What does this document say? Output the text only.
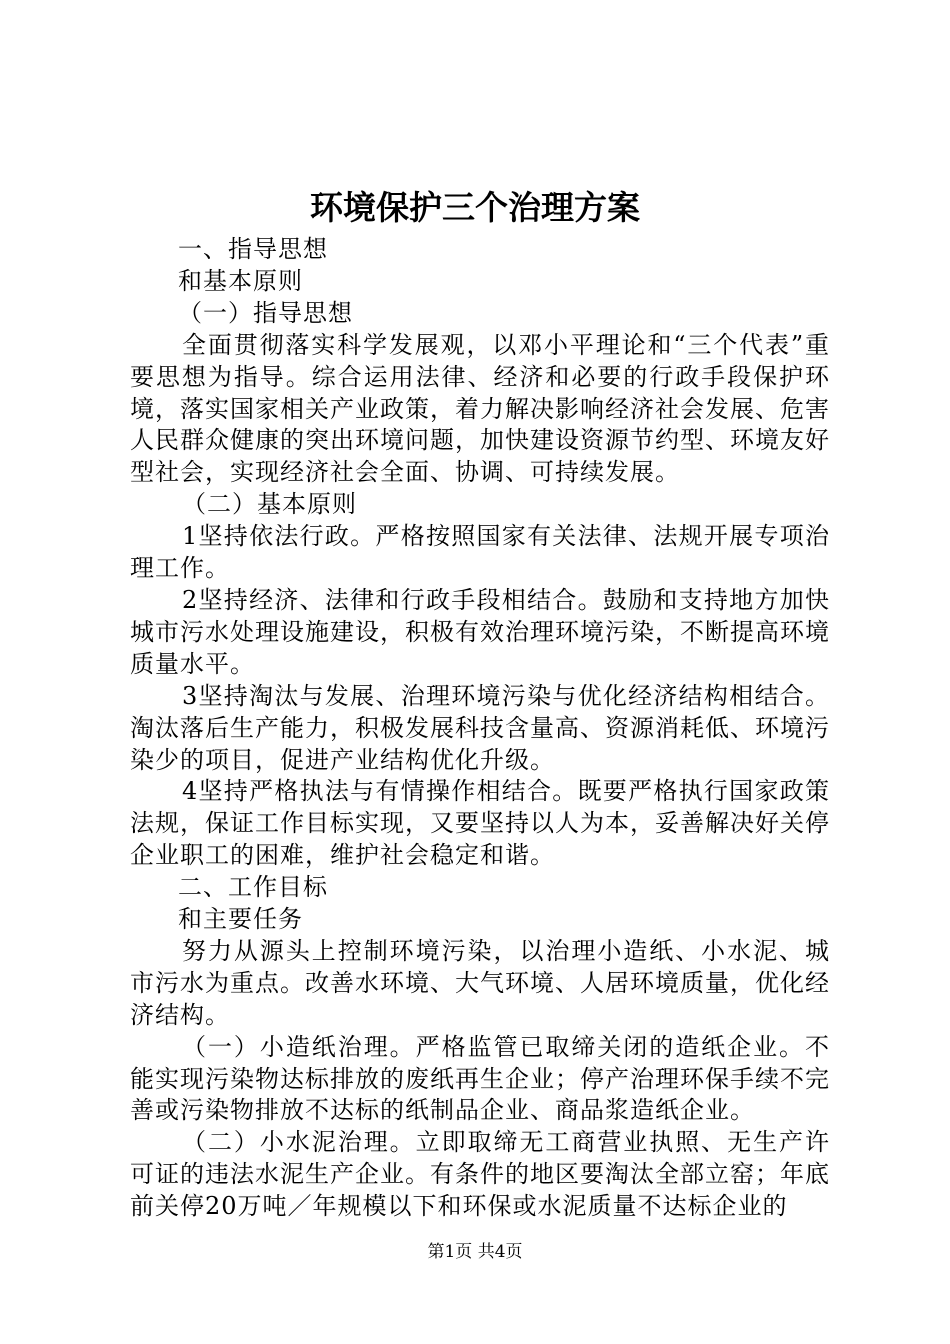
环境保护三个治理方案

一、指导思想

和基本原则

（一）指导思想

全面贯彻落实科学发展观，以邓小平理论和“三个代表”重要思想为指导。综合运用法律、经济和必要的行政手段保护环境，落实国家相关产业政策，着力解决影响经济社会发展、危害人民群众健康的突出环境问题，加快建设资源节约型、环境友好型社会，实现经济社会全面、协调、可持续发展。

（二）基本原则

1坚持依法行政。严格按照国家有关法律、法规开展专项治理工作。

2坚持经济、法律和行政手段相结合。鼓励和支持地方加快城市污水处理设施建设，积极有效治理环境污染，不断提高环境质量水平。

3坚持淘汰与发展、治理环境污染与优化经济结构相结合。淘汰落后生产能力，积极发展科技含量高、资源消耗低、环境污染少的项目，促进产业结构优化升级。

4坚持严格执法与有情操作相结合。既要严格执行国家政策法规，保证工作目标实现，又要坚持以人为本，妥善解决好关停企业职工的困难，维护社会稳定和谐。

二、工作目标

和主要任务

努力从源头上控制环境污染，以治理小造纸、小水泥、城市污水为重点。改善水环境、大气环境、人居环境质量，优化经济结构。

（一）小造纸治理。严格监管已取缔关闭的造纸企业。不能实现污染物达标排放的废纸再生企业；停产治理环保手续不完善或污染物排放不达标的纸制品企业、商品浆造纸企业。

（二）小水泥治理。立即取缔无工商营业执照、无生产许可证的违法水泥生产企业。有条件的地区要淘汰全部立窑；年底前关停20万吨／年规模以下和环保或水泥质量不达标企业的

第1页 共4页
